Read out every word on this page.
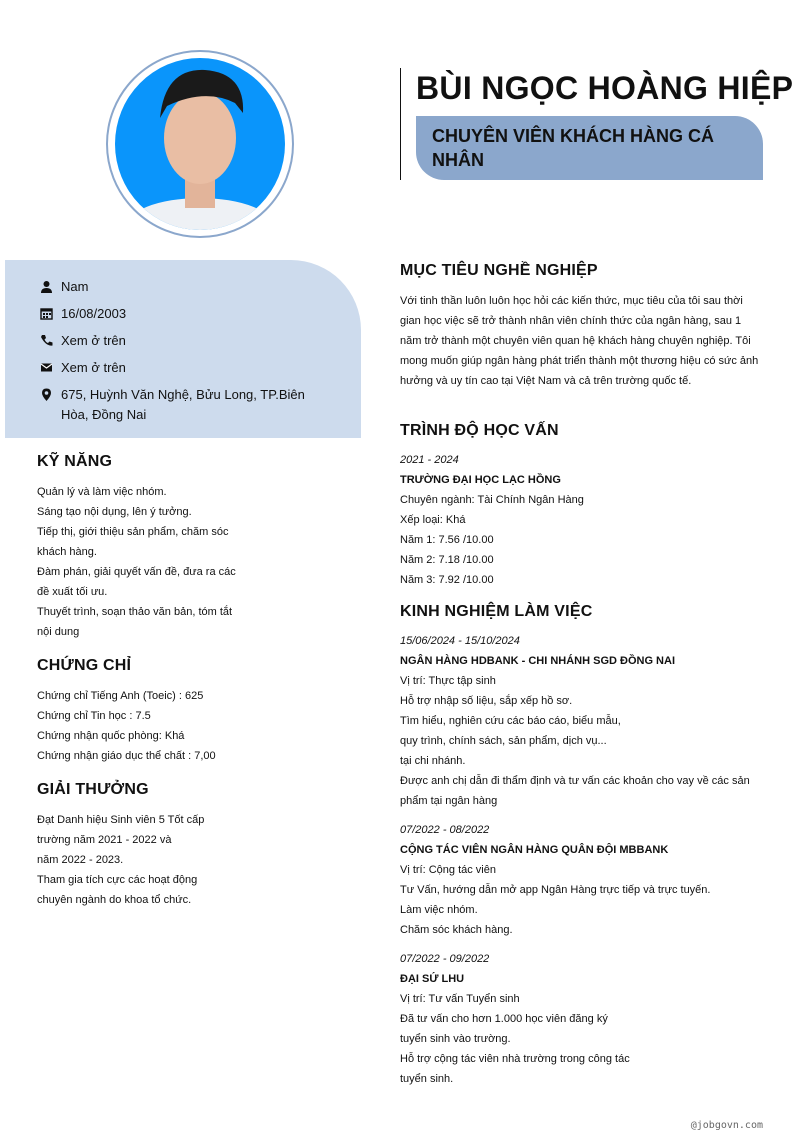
BÙI NGỌC HOÀNG HIỆP
CHUYÊN VIÊN KHÁCH HÀNG CÁ NHÂN
Nam
16/08/2003
Xem ở trên
Xem ở trên
675, Huỳnh Văn Nghệ, Bửu Long, TP.Biên Hòa, Đồng Nai
KỸ NĂNG
Quản lý và làm việc nhóm.
Sáng tạo nội dụng, lên ý tưởng.
Tiếp thị, giới thiệu sản phẩm, chăm sóc
khách hàng.
Đàm phán, giải quyết vấn đề, đưa ra các
đề xuất tối ưu.
Thuyết trình, soạn thảo văn bản, tóm tắt
nội dung
CHỨNG CHỈ
Chứng chỉ Tiếng Anh (Toeic) : 625
Chứng chỉ Tin học : 7.5
Chứng nhận quốc phòng: Khá
Chứng nhận giáo dục thể chất : 7,00
GIẢI THƯỞNG
Đạt Danh hiệu Sinh viên 5 Tốt cấp
trường năm 2021 - 2022 và
năm 2022 - 2023.
Tham gia tích cực các hoạt động
chuyên ngành do khoa tổ chức.
MỤC TIÊU NGHỀ NGHIỆP
Với tinh thần luôn luôn học hỏi các kiến thức, mục tiêu của tôi sau thời
gian học việc sẽ trở thành nhân viên chính thức của ngân hàng, sau 1
năm trở thành một chuyên viên quan hệ khách hàng chuyên nghiệp. Tôi
mong muốn giúp ngân hàng phát triển thành một thương hiệu có sức ảnh
hưởng và uy tín cao tại Việt Nam và cả trên trường quốc tế.
TRÌNH ĐỘ HỌC VẤN
2021 - 2024
TRƯỜNG ĐẠI HỌC LẠC HỒNG
Chuyên ngành: Tài Chính Ngân Hàng
Xếp loại: Khá
Năm 1: 7.56 /10.00
Năm 2: 7.18 /10.00
Năm 3: 7.92 /10.00
KINH NGHIỆM LÀM VIỆC
15/06/2024 - 15/10/2024
NGÂN HÀNG HDBANK - CHI NHÁNH SGD ĐỒNG NAI
Vị trí: Thực tập sinh
Hỗ trợ nhập số liệu, sắp xếp hồ sơ.
Tìm hiểu, nghiên cứu các báo cáo, biểu mẫu,
quy trình, chính sách, sản phẩm, dịch vụ...
tại chi nhánh.
Được anh chị dẫn đi thẩm định và tư vấn các khoản cho vay về các sản
phẩm tại ngân hàng
07/2022 - 08/2022
CỘNG TÁC VIÊN NGÂN HÀNG QUÂN ĐỘI MBBANK
Vị trí: Cộng tác viên
Tư Vấn, hướng dẫn mở app Ngân Hàng trực tiếp và trực tuyến.
Làm việc nhóm.
Chăm sóc khách hàng.
07/2022 - 09/2022
ĐẠI SỨ LHU
Vị trí: Tư vấn Tuyển sinh
Đã tư vấn cho hơn 1.000 học viên đăng ký
tuyển sinh vào trường.
Hỗ trợ cộng tác viên nhà trường trong công tác
tuyển sinh.
@jobgovn.com
